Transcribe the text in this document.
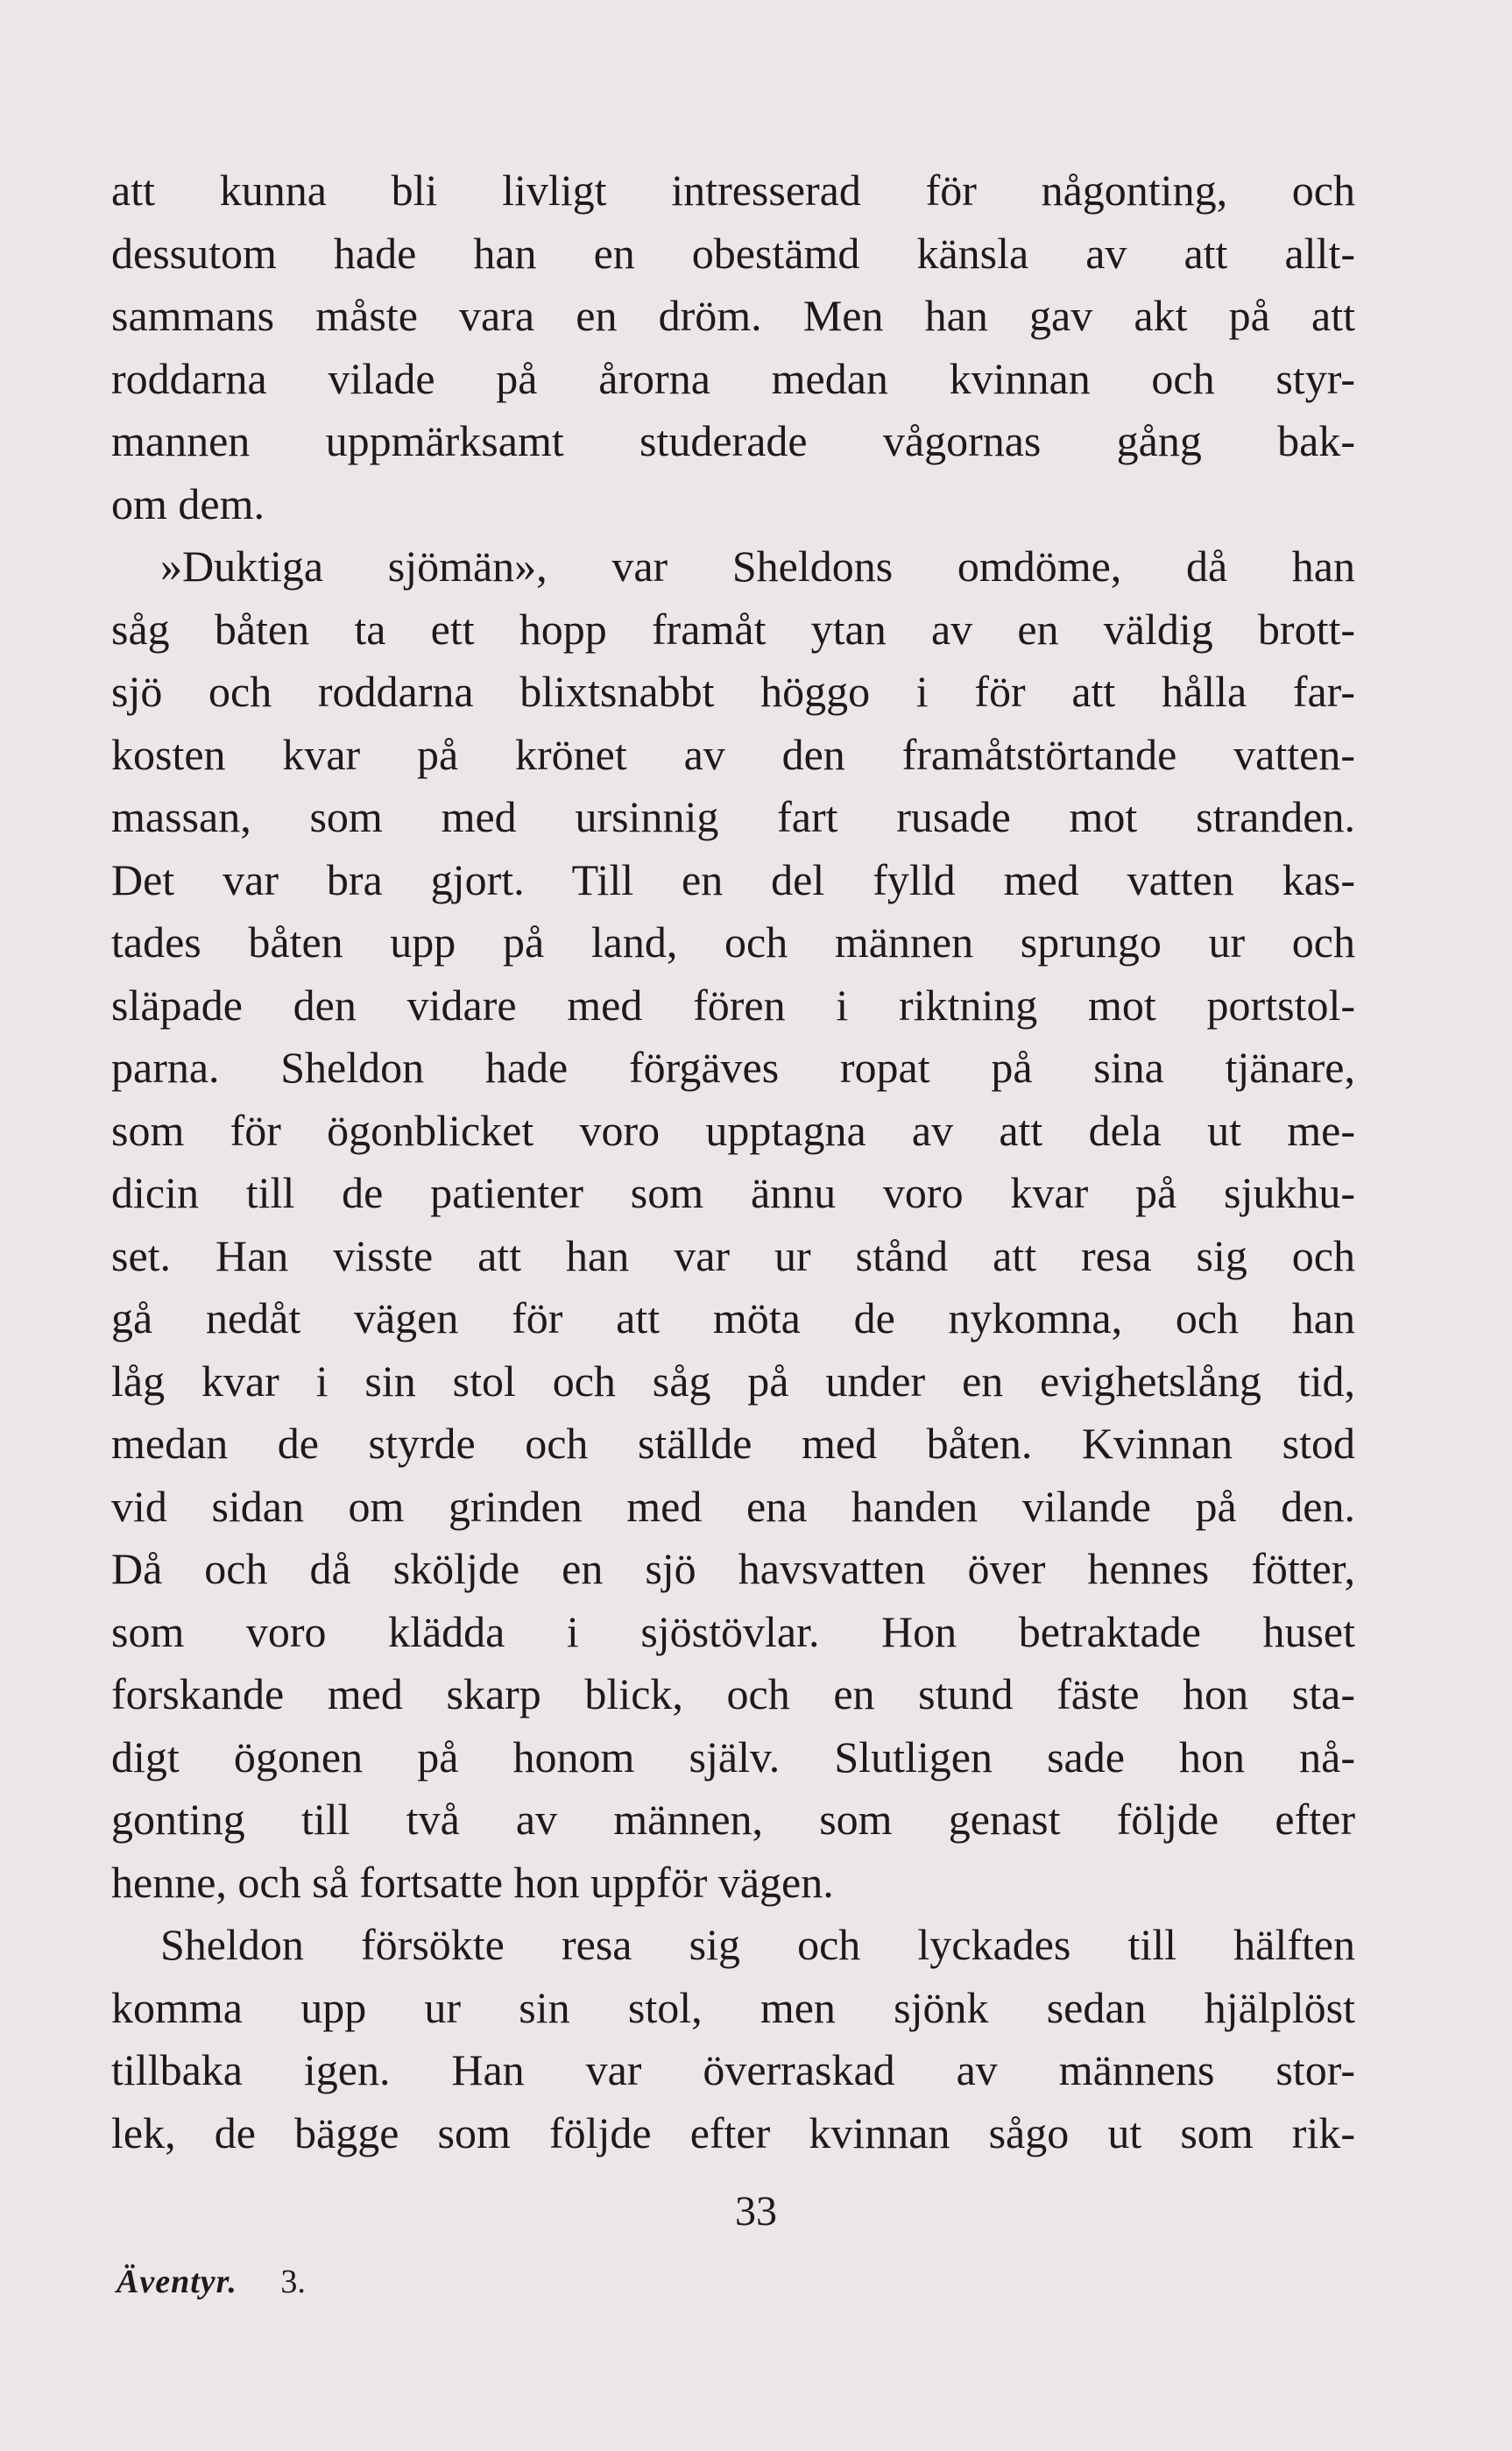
att kunna bli livligt intresserad för någonting, och
dessutom hade han en obestämd känsla av att allt-
sammans måste vara en dröm. Men han gav akt på att
roddarna vilade på årorna medan kvinnan och styr-
mannen uppmärksamt studerade vågornas gång bak-
om dem.
»Duktiga sjömän», var Sheldons omdöme, då han
såg båten ta ett hopp framåt ytan av en väldig brott-
sjö och roddarna blixtsnabbt höggo i för att hålla far-
kosten kvar på krönet av den framåtstörtande vatten-
massan, som med ursinnig fart rusade mot stranden.
Det var bra gjort. Till en del fylld med vatten kas-
tades båten upp på land, och männen sprungo ur och
släpade den vidare med fören i riktning mot portstol-
parna. Sheldon hade förgäves ropat på sina tjänare,
som för ögonblicket voro upptagna av att dela ut me-
dicin till de patienter som ännu voro kvar på sjukhu-
set. Han visste att han var ur stånd att resa sig och
gå nedåt vägen för att möta de nykomna, och han
låg kvar i sin stol och såg på under en evighetslång tid,
medan de styrde och ställde med båten. Kvinnan stod
vid sidan om grinden med ena handen vilande på den.
Då och då sköljde en sjö havsvatten över hennes fötter,
som voro klädda i sjöstövlar. Hon betraktade huset
forskande med skarp blick, och en stund fäste hon sta-
digt ögonen på honom själv. Slutligen sade hon nå-
gonting till två av männen, som genast följde efter
henne, och så fortsatte hon uppför vägen.
Sheldon försökte resa sig och lyckades till hälften
komma upp ur sin stol, men sjönk sedan hjälplöst
tillbaka igen. Han var överraskad av männens stor-
lek, de bägge som följde efter kvinnan sågo ut som rik-
33
Äventyr. 3.
